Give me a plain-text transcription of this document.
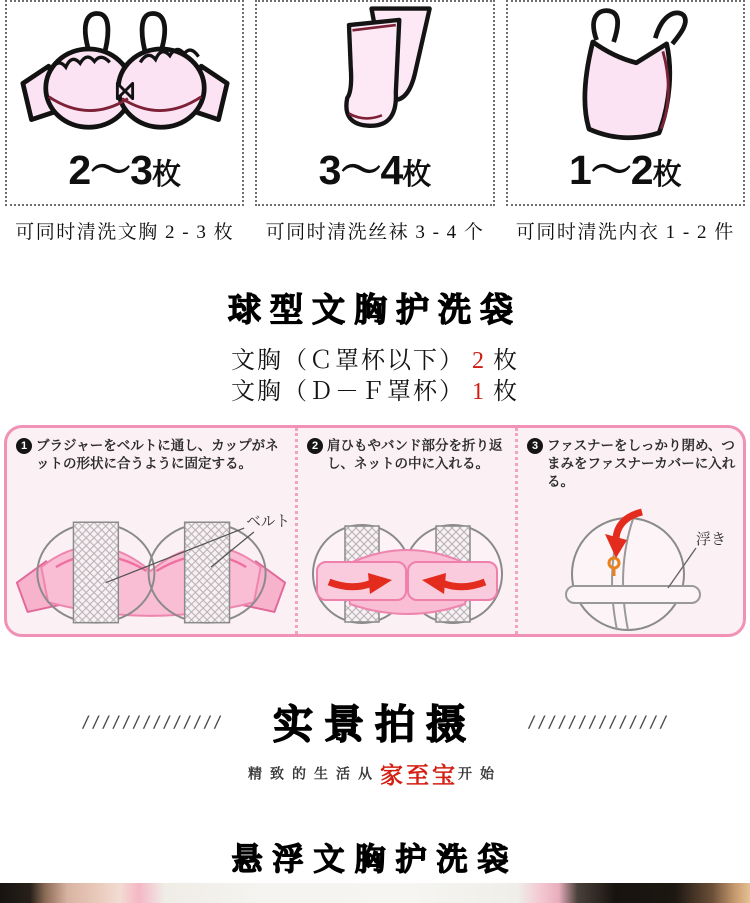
2～3枚	3～4枚	1～2枚
可同时清洗文胸 2 - 3 枚	可同时清洗丝袜 3 - 4 个	可同时清洗内衣 1 - 2 件
球型文胸护洗袋
文胸（Ｃ罩杯以下） 2 枚
文胸（Ｄ－Ｆ罩杯） 1 枚
1 ブラジャーをベルトに通し、カップがネットの形状に合うように固定する。
ベルト
2 肩ひもやバンド部分を折り返し、ネットの中に入れる。
3 ファスナーをしっかり閉め、つまみをファスナーカバーに入れる。
浮き
////////////// 实景拍摄	//////////////
精致的生活从家至宝开始
悬浮文胸护洗袋
